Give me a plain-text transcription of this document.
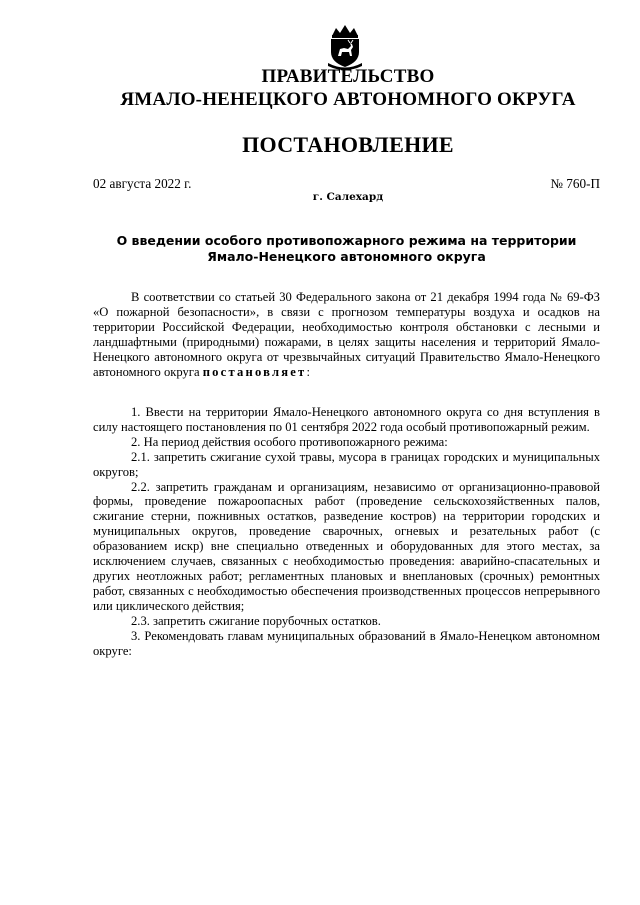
ПРАВИТЕЛЬСТВО
ЯМАЛО-НЕНЕЦКОГО АВТОНОМНОГО ОКРУГА
ПОСТАНОВЛЕНИЕ
02 августа 2022 г.	№ 760-П
г. Салехард
О введении особого противопожарного режима на территории
Ямало-Ненецкого автономного округа

В соответствии со статьей 30 Федерального закона от 21 декабря 1994 года № 69-ФЗ «О пожарной безопасности», в связи с прогнозом температуры воздуха и осадков на территории Российской Федерации, необходимостью контроля обстановки с лесными и ландшафтными (природными) пожарами, в целях защиты населения и территорий Ямало-Ненецкого автономного округа от чрезвычайных ситуаций Правительство Ямало-Ненецкого автономного округа постановляет:

1. Ввести на территории Ямало-Ненецкого автономного округа со дня вступления в силу настоящего постановления по 01 сентября 2022 года особый противопожарный режим.

2. На период действия особого противопожарного режима:

2.1. запретить сжигание сухой травы, мусора в границах городских и муниципальных округов;

2.2. запретить гражданам и организациям, независимо от организационно-правовой формы, проведение пожароопасных работ (проведение сельскохозяйственных палов, сжигание стерни, пожнивных остатков, разведение костров) на территории городских и муниципальных округов, проведение сварочных, огневых и резательных работ (с образованием искр) вне специально отведенных и оборудованных для этого местах, за исключением случаев, связанных с необходимостью проведения: аварийно-спасательных и других неотложных работ; регламентных плановых и внеплановых (срочных) ремонтных работ, связанных с необходимостью обеспечения производственных процессов непрерывного или циклического действия;

2.3. запретить сжигание порубочных остатков.

3. Рекомендовать главам муниципальных образований в Ямало-Ненецком автономном округе:
